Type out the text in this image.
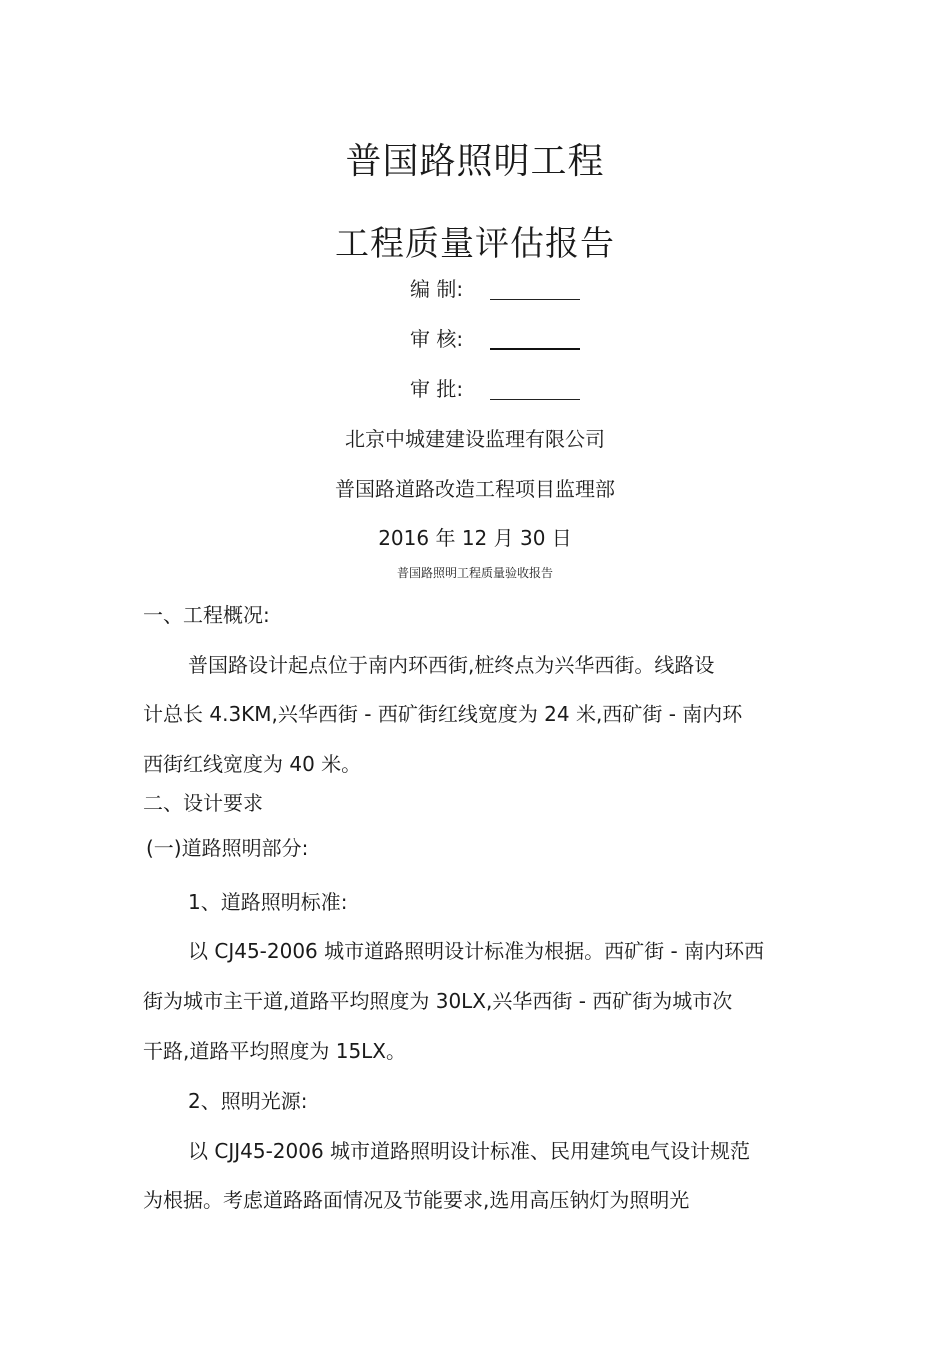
普国路照明工程
工程质量评估报告
编 制:
审 核:
审 批:
北京中城建建设监理有限公司
普国路道路改造工程项目监理部
2016 年 12 月 30 日
普国路照明工程质量验收报告
一、工程概况:
普国路设计起点位于南内环西街,桩终点为兴华西街。线路设
计总长 4.3KM,兴华西街 - 西矿街红线宽度为 24 米,西矿街 - 南内环
西街红线宽度为 40 米。
二、设计要求
(一)道路照明部分:
1、道路照明标准:
以 CJ45-2006 城市道路照明设计标准为根据。西矿街 - 南内环西
街为城市主干道,道路平均照度为 30LX,兴华西街 - 西矿街为城市次
干路,道路平均照度为 15LX。
2、照明光源:
以 CJJ45-2006 城市道路照明设计标准、民用建筑电气设计规范
为根据。考虑道路路面情况及节能要求,选用高压钠灯为照明光
